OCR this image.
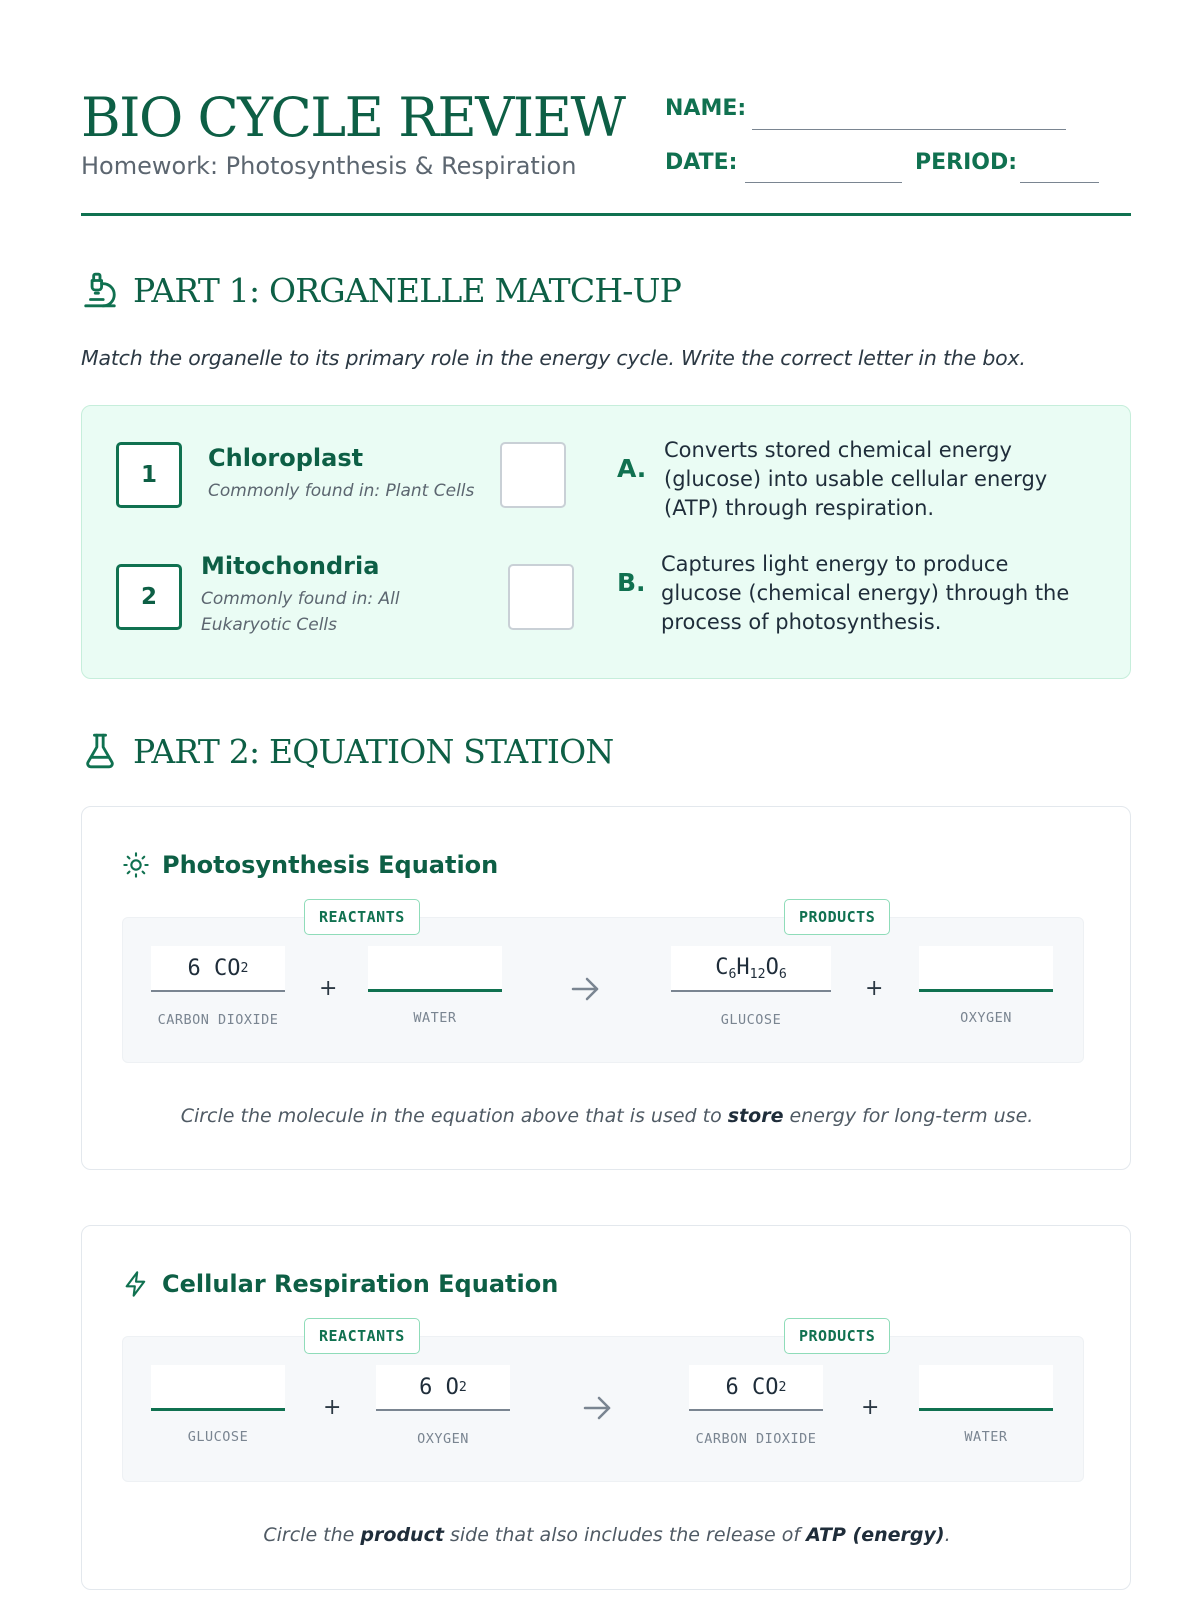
BIO CYCLE REVIEW
Homework: Photosynthesis & Respiration
NAME:
DATE:	PERIOD:
PART 1: ORGANELLE MATCH-UP
Match the organelle to its primary role in the energy cycle. Write the correct letter in the box.
1
Chloroplast
Commonly found in: Plant Cells
2
Mitochondria
Commonly found in: All Eukaryotic Cells
A.
Converts stored chemical energy (glucose) into usable cellular energy (ATP) through respiration.
B.
Captures light energy to produce glucose (chemical energy) through the process of photosynthesis.
PART 2: EQUATION STATION
Photosynthesis Equation
6
CO 2
CARBON DIOXIDE
+
WATER
$C_6H_{12}O_6$
GLUCOSE
+
OXYGEN
REACTANTS	PRODUCTS
Circle the molecule in the equation above that is used to store energy for long-term use.
Cellular Respiration Equation
GLUCOSE
+
6
O 2
OXYGEN
6
CO 2
CARBON DIOXIDE
+
WATER
REACTANTS	PRODUCTS
Circle the product side that also includes the release of ATP (energy).
